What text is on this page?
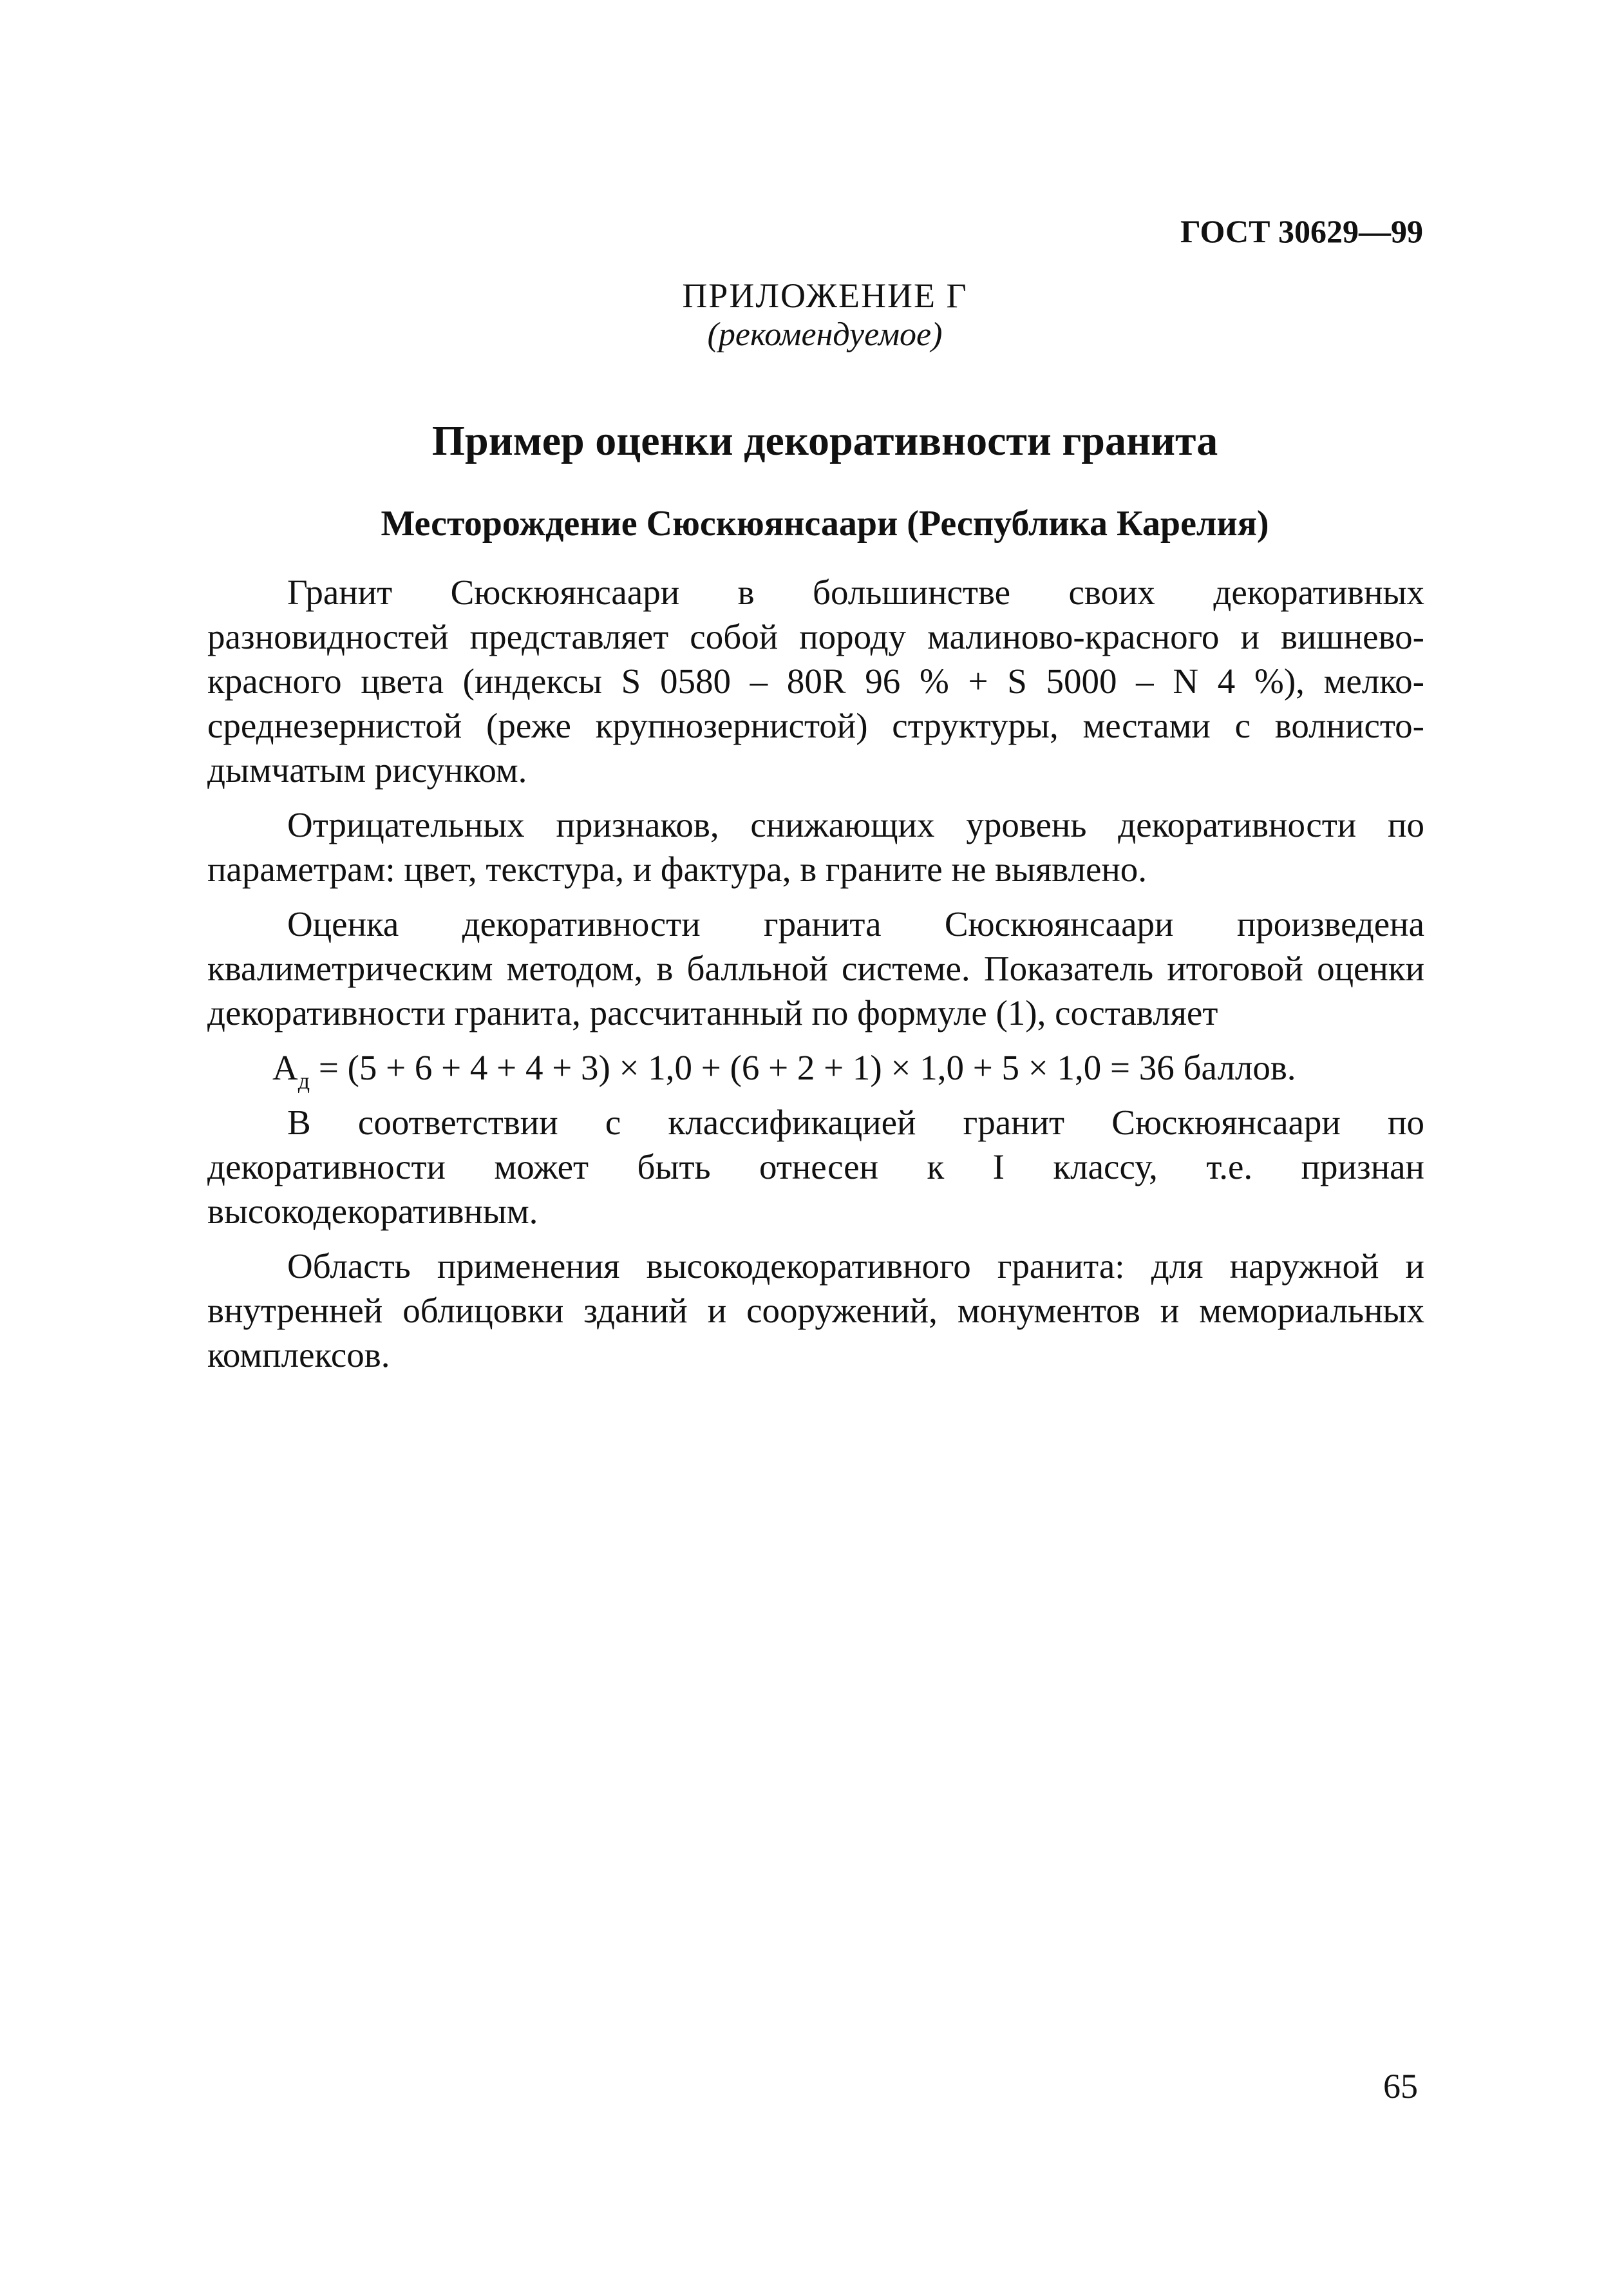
ГОСТ 30629—99
ПРИЛОЖЕНИЕ Г
(рекомендуемое)
Пример оценки декоративности гранита
Месторождение Сюскюянсаари (Республика Карелия)

Гранит Сюскюянсаари в большинстве своих декоративных разновидностей представляет собой породу малиново-красного и вишнево-красного цвета (индексы S 0580 – 80R 96 % + S 5000 – N 4 %), мелко-среднезернистой (реже крупнозернистой) структуры, местами с волнисто-дымчатым рисунком.

Отрицательных признаков, снижающих уровень декоративности по параметрам: цвет, текстура, и фактура, в граните не выявлено.

Оценка декоративности гранита Сюскюянсаари произведена квалиметрическим методом, в балльной системе. Показатель итоговой оценки декоративности гранита, рассчитанный по формуле (1), составляет

$А_д = (5 + 6 + 4 + 4 + 3) \times 1,0 + (6 + 2 + 1) \times 1,0 + 5 \times 1,0 = 36$ баллов.

В соответствии с классификацией гранит Сюскюянсаари по декоративности может быть отнесен к I классу, т.е. признан высокодекоративным.

Область применения высокодекоративного гранита: для наружной и внутренней облицовки зданий и сооружений, монументов и мемориальных комплексов.

65
